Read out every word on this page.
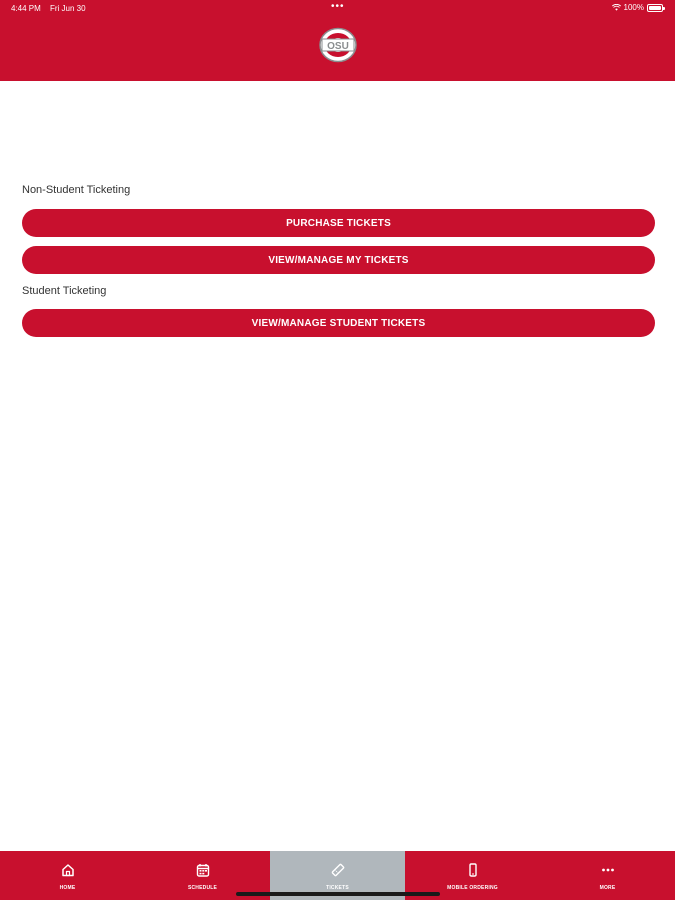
4:44 PM Fri Jun 30	•••	100%
OSU
Non-Student Ticketing
PURCHASE TICKETS
VIEW/MANAGE MY TICKETS
Student Ticketing
VIEW/MANAGE STUDENT TICKETS
HOME	SCHEDULE	TICKETS	MOBILE ORDERING	MORE
